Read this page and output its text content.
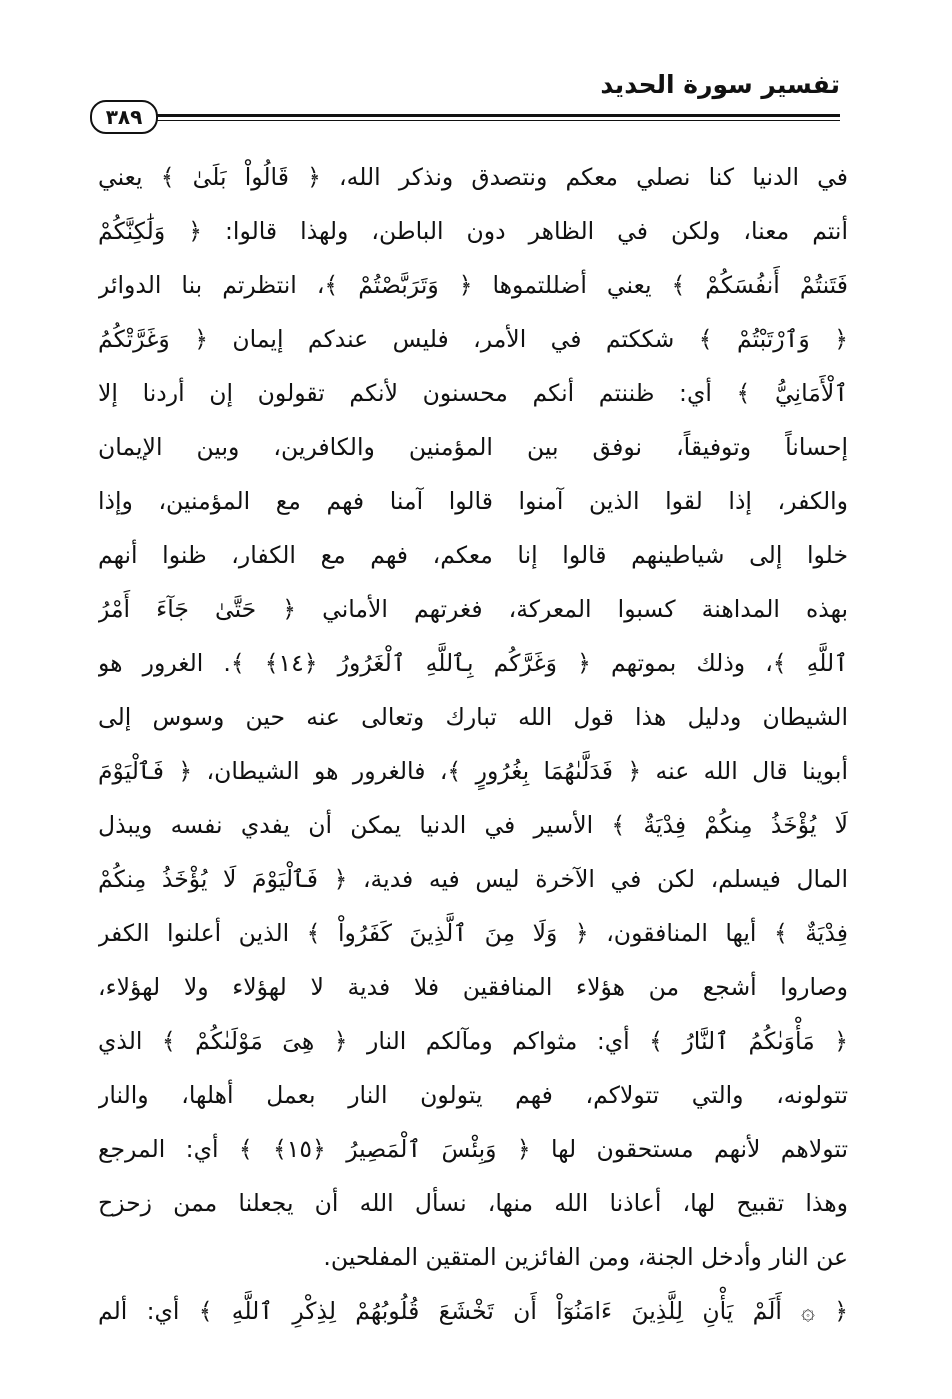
تفسير سورة الحديد
٣٨٩
في الدنيا كنا نصلي معكم ونتصدق ونذكر الله، ﴿ قَالُواْ بَلَىٰ ﴾ يعني
أنتم معنا، ولكن في الظاهر دون الباطن، ولهذا قالوا: ﴿ وَلَٰكِنَّكُمْ
فَتَنتُمْ أَنفُسَكُمْ ﴾ يعني أضللتموها ﴿ وَتَرَبَّصْتُمْ ﴾، انتظرتم بنا الدوائر
﴿ وَٱرْتَبْتُمْ ﴾ شككتم في الأمر، فليس عندكم إيمان ﴿ وَغَرَّتْكُمُ
ٱلْأَمَانِيُّ ﴾ أي: ظننتم أنكم محسنون لأنكم تقولون إن أردنا إلا
إحساناً وتوفيقاً، نوفق بين المؤمنين والكافرين، وبين الإيمان
والكفر، إذا لقوا الذين آمنوا قالوا آمنا فهم مع المؤمنين، وإذا
خلوا إلى شياطينهم قالوا إنا معكم، فهم مع الكفار، ظنوا أنهم
بهذه المداهنة كسبوا المعركة، فغرتهم الأماني ﴿ حَتَّىٰ جَآءَ أَمْرُ
ٱللَّهِ ﴾، وذلك بموتهم ﴿ وَغَرَّكُم بِٱللَّهِ ٱلْغَرُورُ ﴿١٤﴾ ﴾. الغرور هو
الشيطان ودليل هذا قول الله تبارك وتعالى عنه حين وسوس إلى
أبوينا قال الله عنه ﴿ فَدَلَّىٰهُمَا بِغُرُورٍ ﴾، فالغرور هو الشيطان، ﴿ فَٱلْيَوْمَ
لَا يُؤْخَذُ مِنكُمْ فِدْيَةٌ ﴾ الأسير في الدنيا يمكن أن يفدي نفسه ويبذل
المال فيسلم، لكن في الآخرة ليس فيه فدية، ﴿ فَٱلْيَوْمَ لَا يُؤْخَذُ مِنكُمْ
فِدْيَةٌ ﴾ أيها المنافقون، ﴿ وَلَا مِنَ ٱلَّذِينَ كَفَرُواْ ﴾ الذين أعلنوا الكفر
وصاروا أشجع من هؤلاء المنافقين فلا فدية لا لهؤلاء ولا لهؤلاء،
﴿ مَأْوَىٰكُمُ ٱلنَّارُ ﴾ أي: مثواكم ومآلكم النار ﴿ هِىَ مَوْلَىٰكُمْ ﴾ الذي
تتولونه، والتي تتولاكم، فهم يتولون النار بعمل أهلها، والنار
تتولاهم لأنهم مستحقون لها ﴿ وَبِئْسَ ٱلْمَصِيرُ ﴿١٥﴾ ﴾ أي: المرجع
وهذا تقبيح لها، أعاذنا الله منها، نسأل الله أن يجعلنا ممن زحزح
عن النار وأدخل الجنة، ومن الفائزين المتقين المفلحين.
﴿ ۞ أَلَمْ يَأْنِ لِلَّذِينَ ءَامَنُوٓاْ أَن تَخْشَعَ قُلُوبُهُمْ لِذِكْرِ ٱللَّهِ ﴾ أي: ألم
